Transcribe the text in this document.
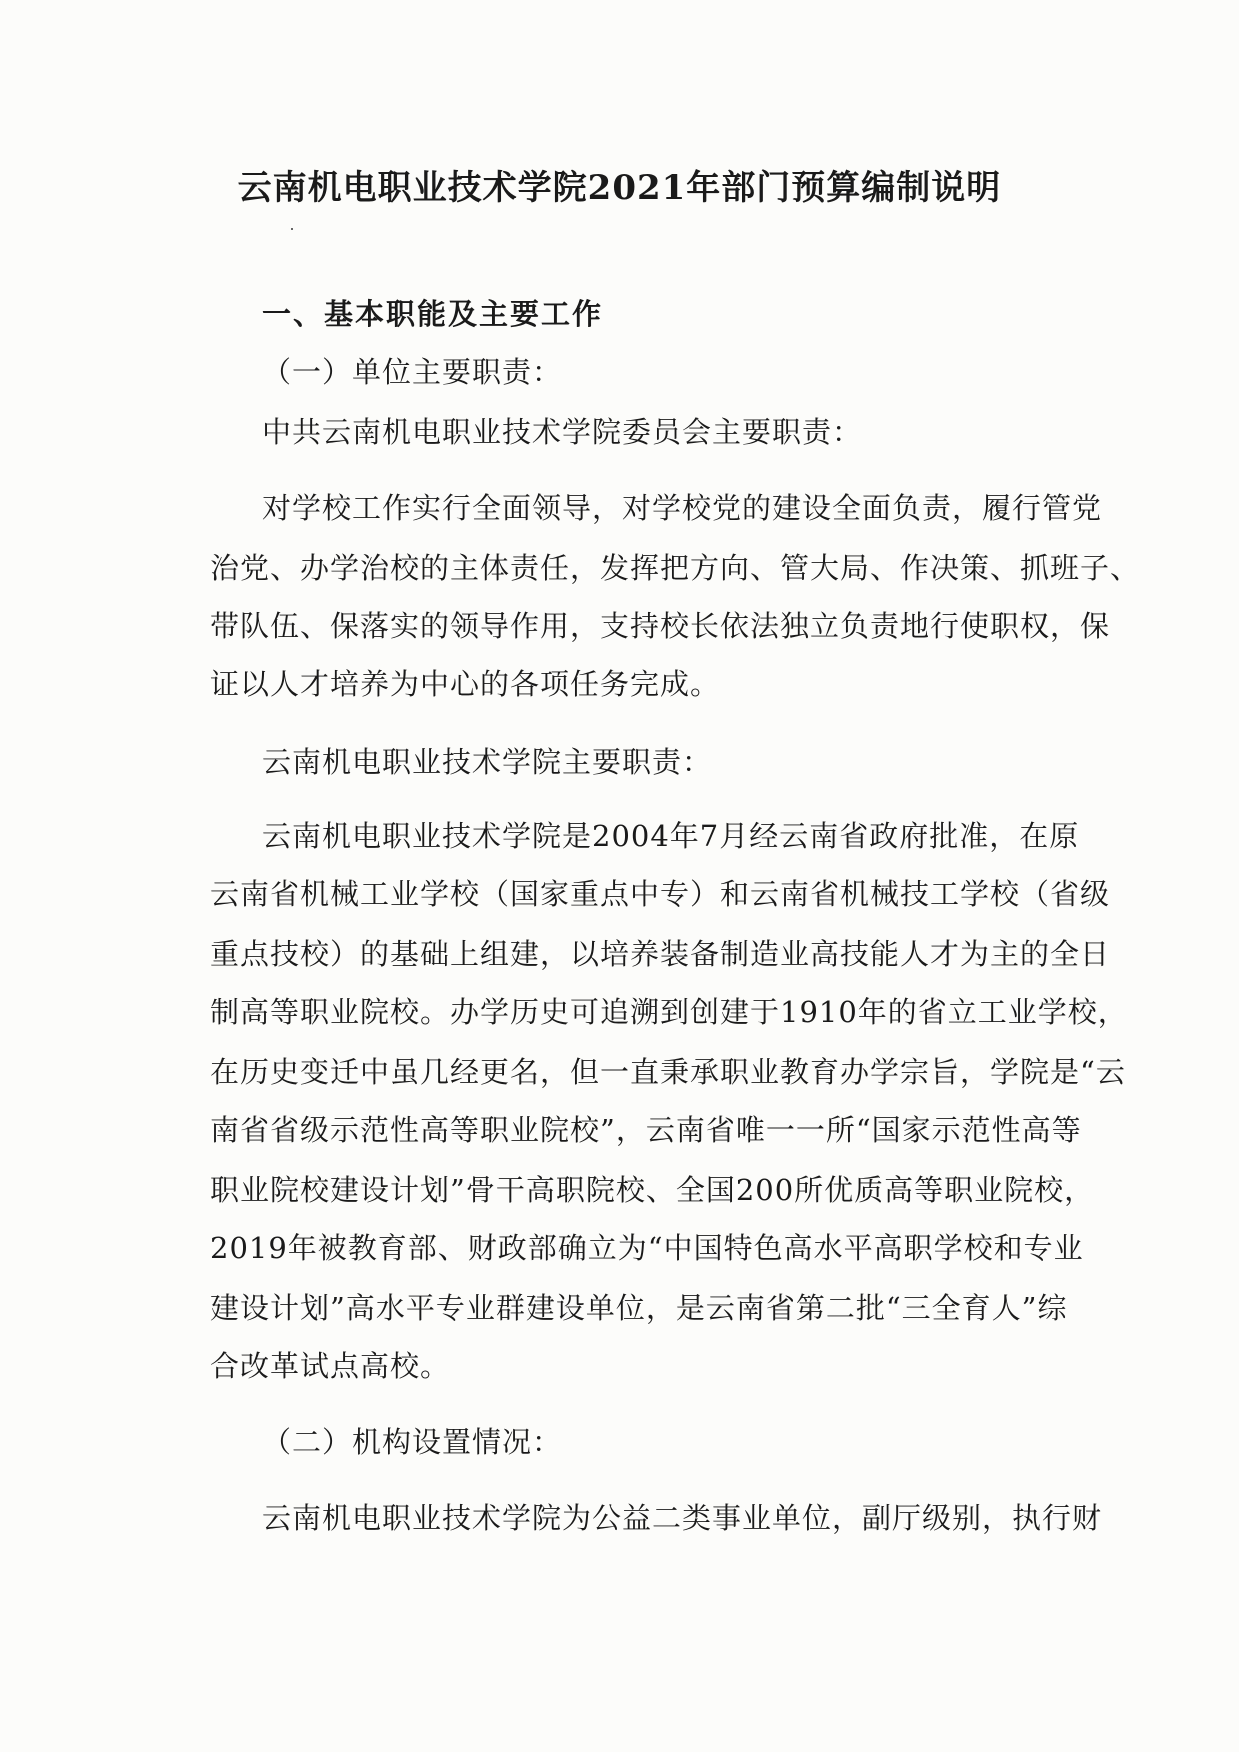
云南机电职业技术学院2021年部门预算编制说明
一、基本职能及主要工作
（一）单位主要职责：
中共云南机电职业技术学院委员会主要职责：
对学校工作实行全面领导，对学校党的建设全面负责，履行管党
治党、办学治校的主体责任，发挥把方向、管大局、作决策、抓班子、
带队伍、保落实的领导作用，支持校长依法独立负责地行使职权，保
证以人才培养为中心的各项任务完成。
云南机电职业技术学院主要职责：
云南机电职业技术学院是2004年7月经云南省政府批准，在原
云南省机械工业学校（国家重点中专）和云南省机械技工学校（省级
重点技校）的基础上组建，以培养装备制造业高技能人才为主的全日
制高等职业院校。办学历史可追溯到创建于1910年的省立工业学校，
在历史变迁中虽几经更名，但一直秉承职业教育办学宗旨，学院是“云
南省省级示范性高等职业院校”，云南省唯一一所“国家示范性高等
职业院校建设计划”骨干高职院校、全国200所优质高等职业院校，
2019年被教育部、财政部确立为“中国特色高水平高职学校和专业
建设计划”高水平专业群建设单位，是云南省第二批“三全育人”综
合改革试点高校。
（二）机构设置情况：
云南机电职业技术学院为公益二类事业单位，副厅级别，执行财
